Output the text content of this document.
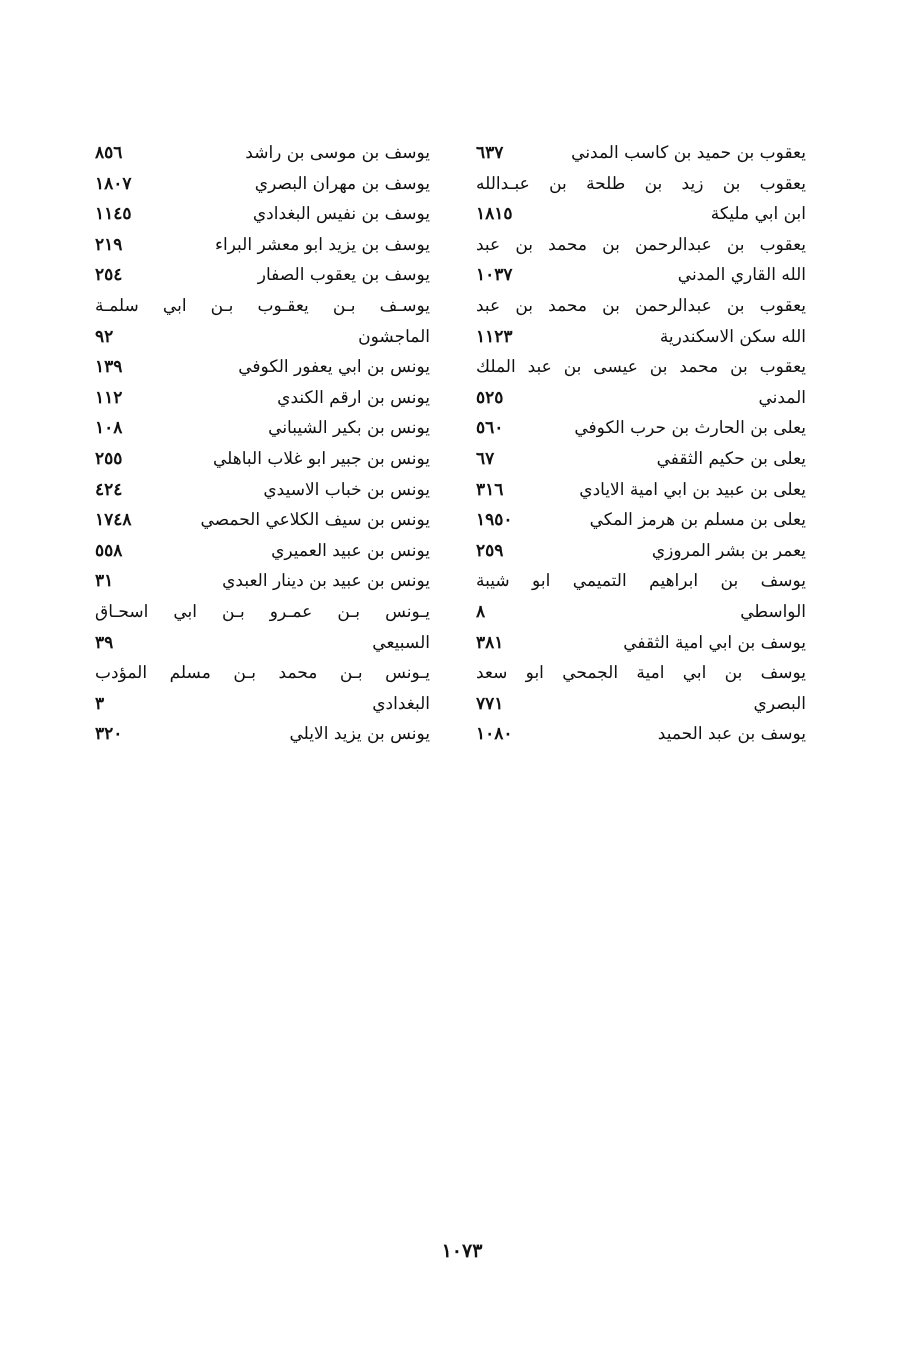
يعقوب بن حميد بن كاسب المدني
٦٣٧
يعقوب بن زيد بن طلحة بن عبـدالله
ابن ابي مليكة
١٨١٥
يعقوب بن عبدالرحمن بن محمد بن عبد
الله القاري المدني
١٠٣٧
يعقوب بن عبدالرحمن بن محمد بن عبد
الله سكن الاسكندرية
١١٢٣
يعقوب بن محمد بن عيسى بن عبد الملك
المدني
٥٢٥
يعلى بن الحارث بن حرب الكوفي
٥٦٠
يعلى بن حكيم الثقفي
٦٧
يعلى بن عبيد بن ابي امية الايادي
٣١٦
يعلى بن مسلم بن هرمز المكي
١٩٥٠
يعمر بن بشر المروزي
٢٥٩
يوسف بن ابراهيم التميمي ابو شيبة
الواسطي
٨
يوسف بن ابي امية الثقفي
٣٨١
يوسف بن ابي امية الجمحي ابو سعد
البصري
٧٧١
يوسف بن عبد الحميد
١٠٨٠
يوسف بن موسى بن راشد
٨٥٦
يوسف بن مهران البصري
١٨٠٧
يوسف بن نفيس البغدادي
١١٤٥
يوسف بن يزيد ابو معشر البراء
٢١٩
يوسف بن يعقوب الصفار
٢٥٤
يوسـف بـن يعقـوب بـن ابي سلمـة
الماجشون
٩٢
يونس بن ابي يعفور الكوفي
١٣٩
يونس بن ارقم الكندي
١١٢
يونس بن بكير الشيباني
١٠٨
يونس بن جبير ابو غلاب الباهلي
٢٥٥
يونس بن خباب الاسيدي
٤٢٤
يونس بن سيف الكلاعي الحمصي
١٧٤٨
يونس بن عبيد العميري
٥٥٨
يونس بن عبيد بن دينار العبدي
٣١
يـونس بـن عمـرو بـن ابي اسحـاق
السبيعي
٣٩
يـونس بـن محمد بـن مسلم المؤدب
البغدادي
٣
يونس بن يزيد الايلي
٣٢٠
١٠٧٣
